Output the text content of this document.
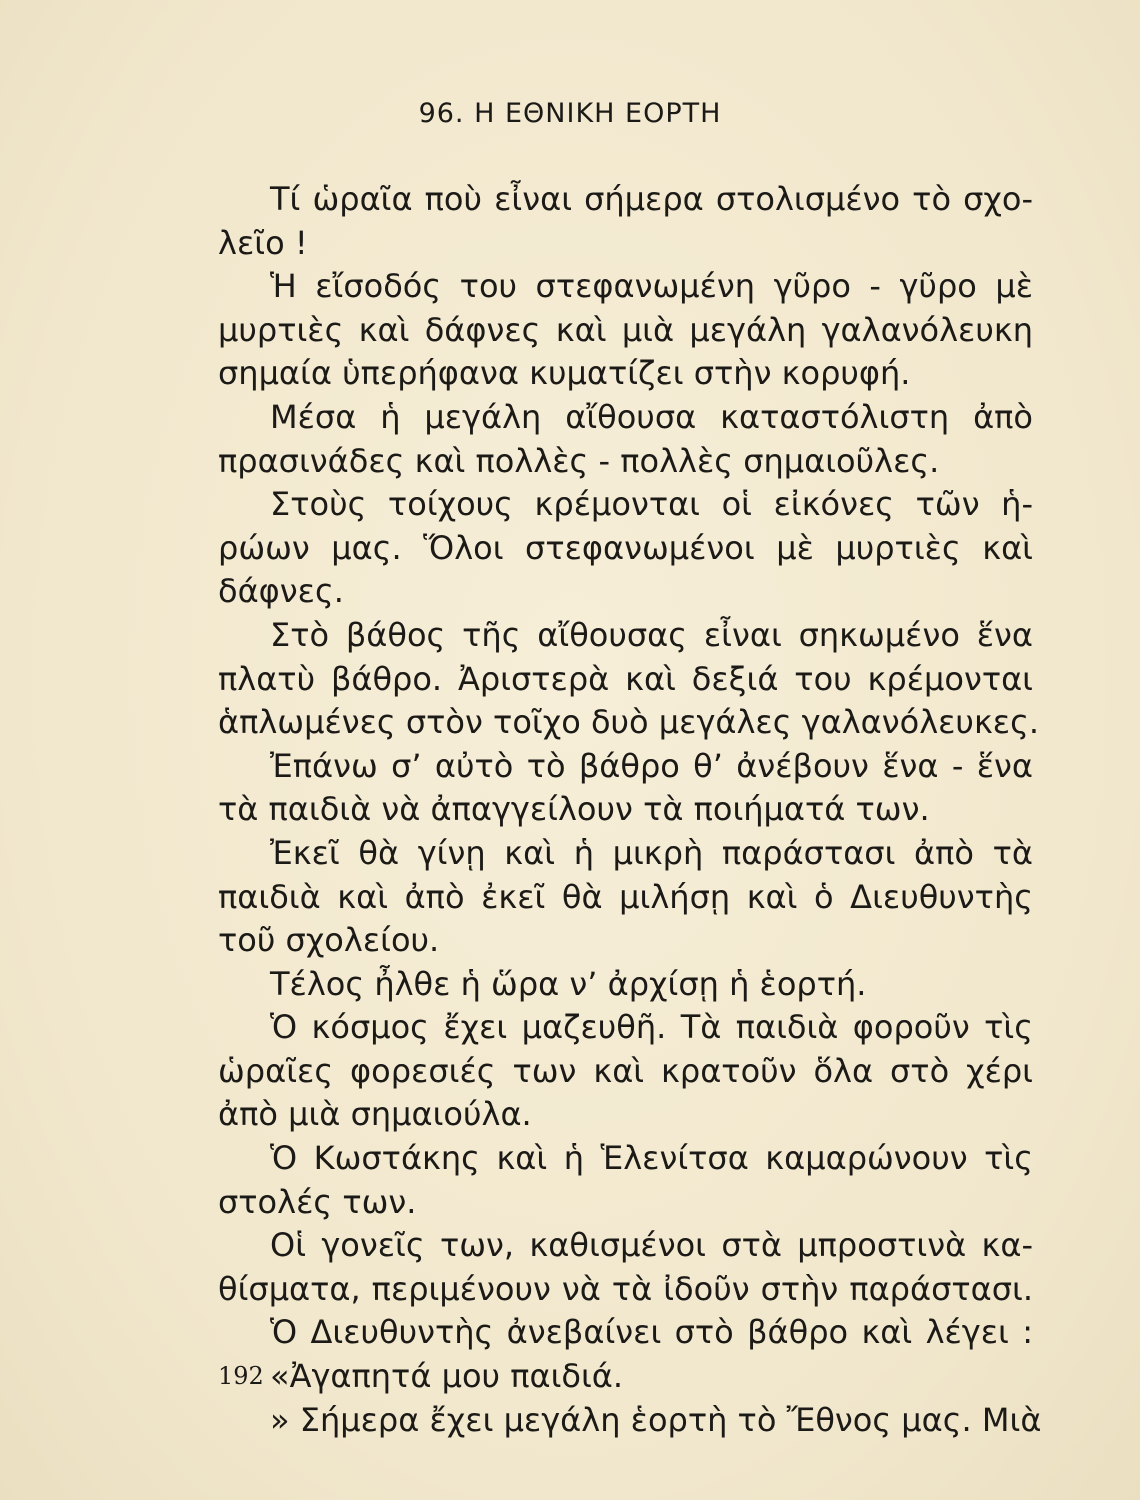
96. Η ΕΘΝΙΚΗ ΕΟΡΤΗ
Τί ὡραῖα ποὺ εἶναι σήμερα στολισμένο τὸ σχο-
λεῖο !
Ἡ εἴσοδός του στεφανωμένη γῦρο - γῦρο μὲ
μυρτιὲς καὶ δάφνες καὶ μιὰ μεγάλη γαλανόλευκη
σημαία ὑπερήφανα κυματίζει στὴν κορυφή.
Μέσα ἡ μεγάλη αἴθουσα καταστόλιστη ἀπὸ
πρασινάδες καὶ πολλὲς - πολλὲς σημαιοῦλες.
Στοὺς τοίχους κρέμονται οἱ εἰκόνες τῶν ἡ-
ρώων μας. Ὅλοι στεφανωμένοι μὲ μυρτιὲς καὶ
δάφνες.
Στὸ βάθος τῆς αἴθουσας εἶναι σηκωμένο ἕνα
πλατὺ βάθρο. Ἀριστερὰ καὶ δεξιά του κρέμονται
ἁπλωμένες στὸν τοῖχο δυὸ μεγάλες γαλανόλευκες.
Ἐπάνω σ’ αὐτὸ τὸ βάθρο θ’ ἀνέβουν ἕνα - ἕνα
τὰ παιδιὰ νὰ ἀπαγγείλουν τὰ ποιήματά των.
Ἐκεῖ θὰ γίνῃ καὶ ἡ μικρὴ παράστασι ἀπὸ τὰ
παιδιὰ καὶ ἀπὸ ἐκεῖ θὰ μιλήσῃ καὶ ὁ Διευθυντὴς
τοῦ σχολείου.
Τέλος ἦλθε ἡ ὥρα ν’ ἀρχίσῃ ἡ ἑορτή.
Ὁ κόσμος ἔχει μαζευθῆ. Τὰ παιδιὰ φοροῦν τὶς
ὡραῖες φορεσιές των καὶ κρατοῦν ὅλα στὸ χέρι
ἀπὸ μιὰ σημαιούλα.
Ὁ Κωστάκης καὶ ἡ Ἑλενίτσα καμαρώνουν τὶς
στολές των.
Οἱ γονεῖς των, καθισμένοι στὰ μπροστινὰ κα-
θίσματα, περιμένουν νὰ τὰ ἰδοῦν στὴν παράστασι.
Ὁ Διευθυντὴς ἀνεβαίνει στὸ βάθρο καὶ λέγει :
«Ἀγαπητά μου παιδιά.
» Σήμερα ἔχει μεγάλη ἑορτὴ τὸ Ἔθνος μας. Μιὰ
192
